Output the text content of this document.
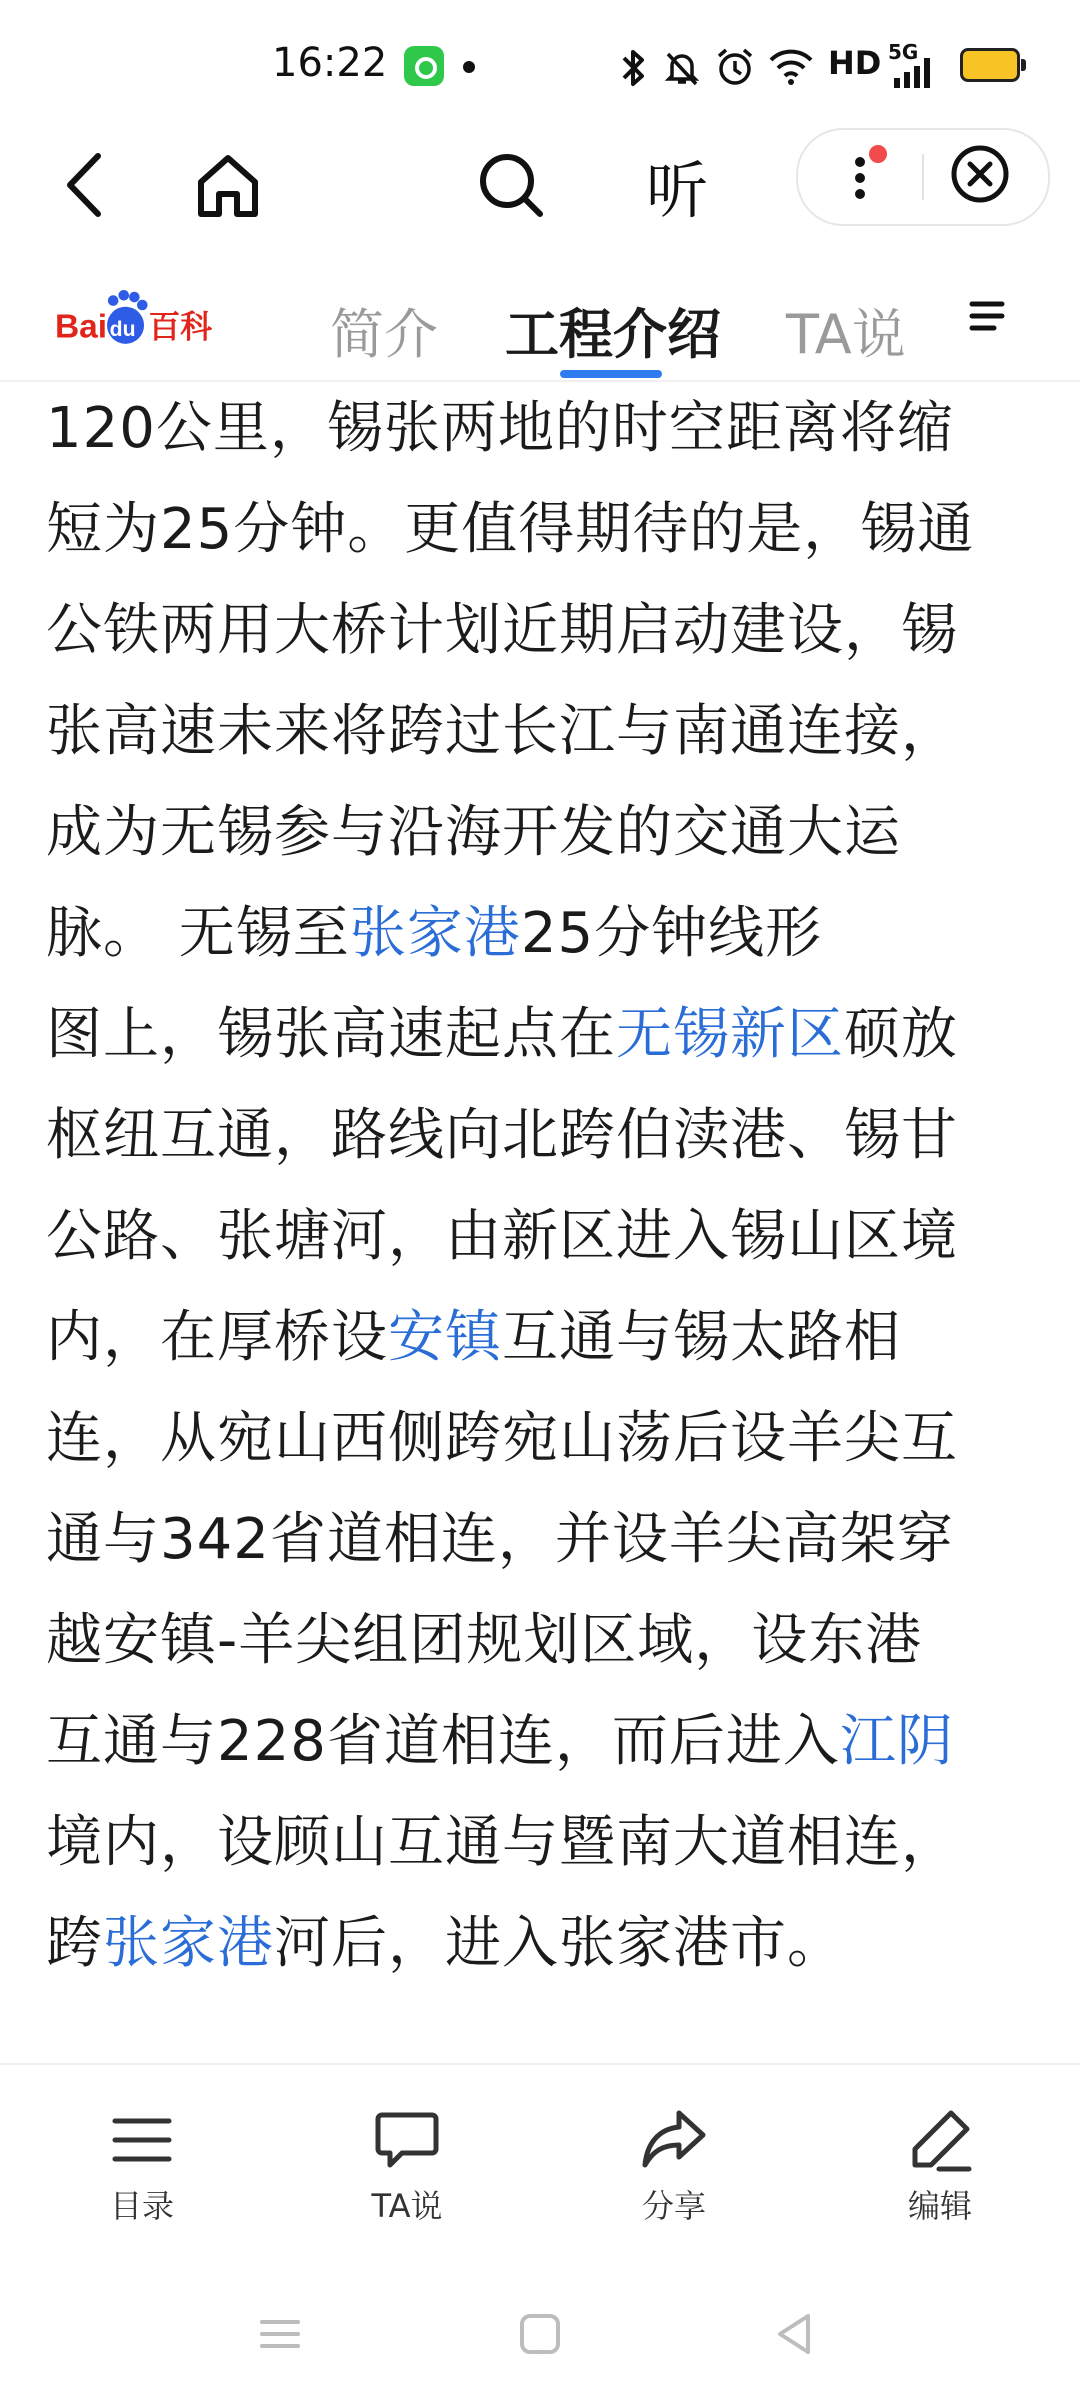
16:22	HD 5G
听
Bai du 百科 简介 工程介绍 TA说
120公里，锡张两地的时空距离将缩
短为25分钟。更值得期待的是，锡通
公铁两用大桥计划近期启动建设，锡
张高速未来将跨过长江与南通连接，
成为无锡参与沿海开发的交通大运
脉。 无锡至张家港25分钟线形
图上，锡张高速起点在无锡新区硕放
枢纽互通，路线向北跨伯渎港、锡甘
公路、张塘河，由新区进入锡山区境
内，在厚桥设安镇互通与锡太路相
连，从宛山西侧跨宛山荡后设羊尖互
通与342省道相连，并设羊尖高架穿
越安镇-羊尖组团规划区域，设东港
互通与228省道相连，而后进入江阴
境内，设顾山互通与暨南大道相连，
跨张家港河后，进入张家港市。

目录	TA说	分享	编辑
